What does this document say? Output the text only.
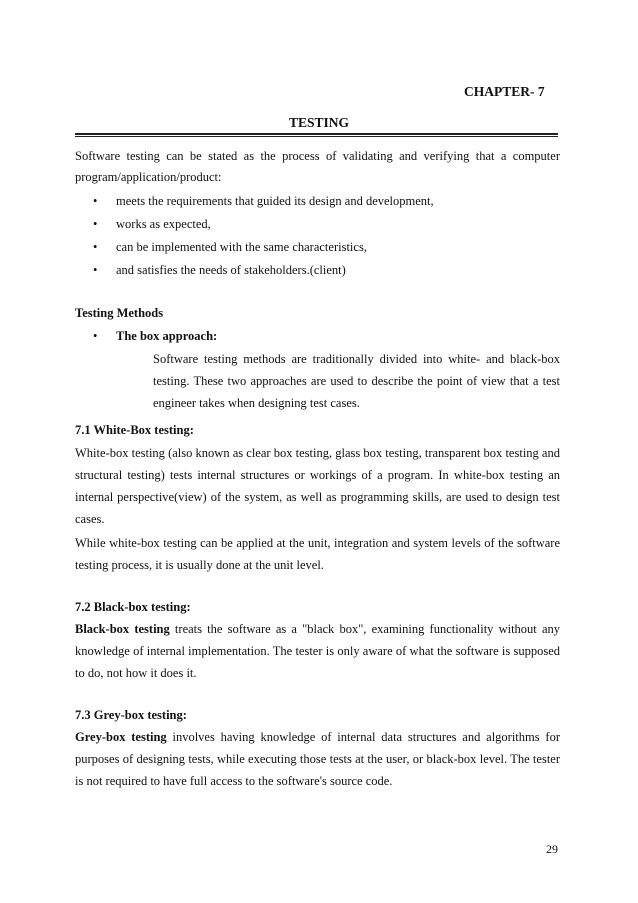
CHAPTER- 7
TESTING

Software testing can be stated as the process of validating and verifying that a computer program/application/product:

• meets the requirements that guided its design and development,
• works as expected,
• can be implemented with the same characteristics,
• and satisfies the needs of stakeholders.(client)
Testing Methods
• The box approach:

Software testing methods are traditionally divided into white- and black-box testing. These two approaches are used to describe the point of view that a test engineer takes when designing test cases.

7.1 White-Box testing:

White-box testing (also known as clear box testing, glass box testing, transparent box testing and structural testing) tests internal structures or workings of a program. In white-box testing an internal perspective(view) of the system, as well as programming skills, are used to design test cases.

While white-box testing can be applied at the unit, integration and system levels of the software testing process, it is usually done at the unit level.

7.2 Black-box testing:

Black-box testing treats the software as a "black box", examining functionality without any knowledge of internal implementation. The tester is only aware of what the software is supposed to do, not how it does it.

7.3 Grey-box testing:

Grey-box testing involves having knowledge of internal data structures and algorithms for purposes of designing tests, while executing those tests at the user, or black-box level. The tester is not required to have full access to the software's source code.

29
